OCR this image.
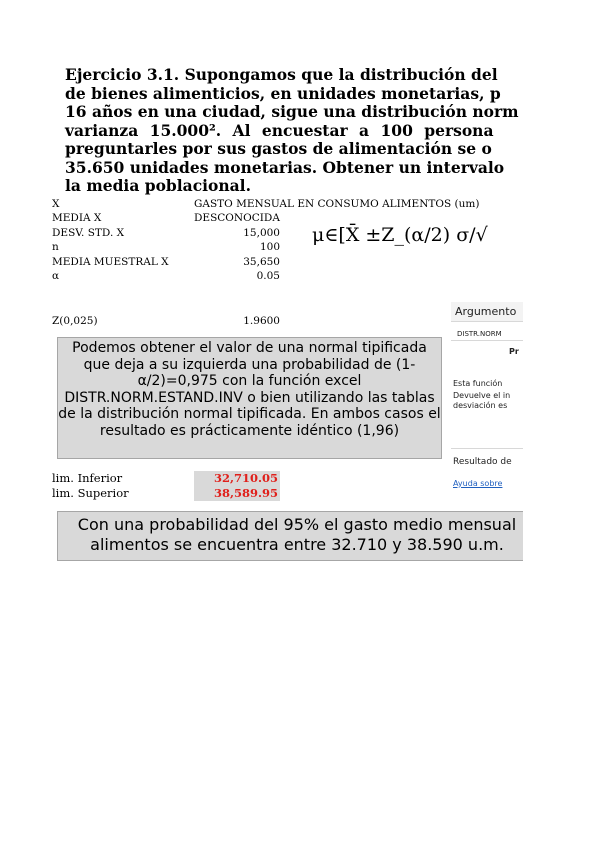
Ejercicio 3.1. Supongamos que la distribución del
de bienes alimenticios, en unidades monetarias, p
16 años en una ciudad, sigue una distribución norm
varianza 15.000². Al encuestar a 100 persona
preguntarles por sus gastos de alimentación se o
35.650 unidades monetarias. Obtener un intervalo
la media poblacional.
X	GASTO MENSUAL EN CONSUMO ALIMENTOS (um)
MEDIA X	DESCONOCIDA
DESV. STD. X	15,000
n	100
MEDIA MUESTRAL X	35,650
α	0.05
μ∈[X̄ ±Z_(α/2) σ/√
Z(0,025)	1.9600
Podemos obtener el valor de una normal tipificada que deja a su izquierda una probabilidad de (1-α/2)=0,975 con la función excel DISTR.NORM.ESTAND.INV o bien utilizando las tablas de la distribución normal tipificada. En ambos casos el resultado es prácticamente idéntico (1,96)
lim. Inferior	32,710.05
lim. Superior	38,589.95
Con una probabilidad del 95% el gasto medio mensual alimentos se encuentra entre 32.710 y 38.590 u.m.
Argumento
DISTR.NORM
Pr
Esta función
Devuelve el in
desviación es
Resultado de
Ayuda sobre
